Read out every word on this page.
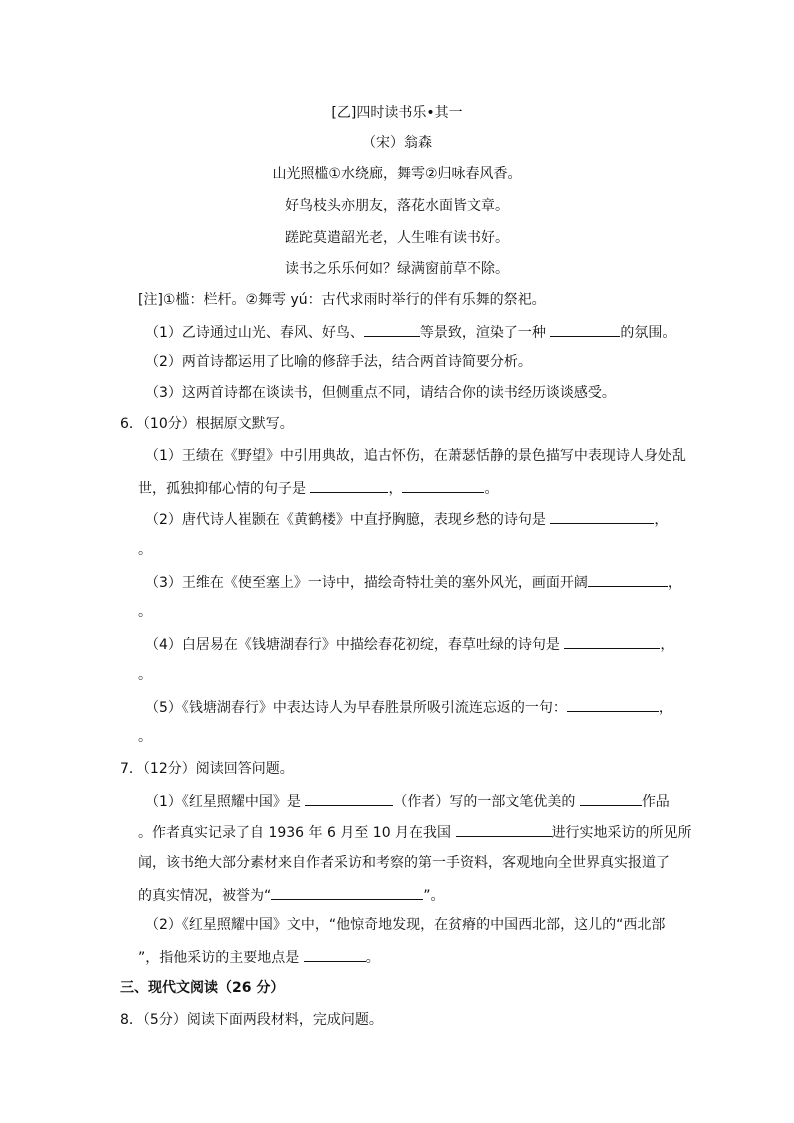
[乙]四时读书乐•其一
（宋）翁森
山光照槛①水绕廊，舞雩②归咏春风香。
好鸟枝头亦朋友，落花水面皆文章。
蹉跎莫遣韶光老，人生唯有读书好。
读书之乐乐何如？绿满窗前草不除。
[注]①槛：栏杆。②舞雩 yú：古代求雨时举行的伴有乐舞的祭祀。
（1）乙诗通过山光、春风、好鸟、	等景致，渲染了一种	的氛围。
（2）两首诗都运用了比喻的修辞手法，结合两首诗简要分析。
（3）这两首诗都在谈读书，但侧重点不同，请结合你的读书经历谈谈感受。
6．（10分）根据原文默写。
（1）王绩在《野望》中引用典故，追古怀伤，在萧瑟恬静的景色描写中表现诗人身处乱
世，孤独抑郁心情的句子是	，	。
（2）唐代诗人崔颢在《黄鹤楼》中直抒胸臆，表现乡愁的诗句是	，
。
（3）王维在《使至塞上》一诗中，描绘奇特壮美的塞外风光，画面开阔	，
。
（4）白居易在《钱塘湖春行》中描绘春花初绽，春草吐绿的诗句是	，
。
（5）《钱塘湖春行》中表达诗人为早春胜景所吸引流连忘返的一句：	，
。
7．（12分）阅读回答问题。
（1）《红星照耀中国》是	（作者）写的一部文笔优美的	作品
。作者真实记录了自 1936 年 6 月至 10 月在我国	进行实地采访的所见所
闻，该书绝大部分素材来自作者采访和考察的第一手资料，客观地向全世界真实报道了
的真实情况，被誉为“	”。
（2）《红星照耀中国》文中，“他惊奇地发现，在贫瘠的中国西北部，这儿的“西北部
”，指他采访的主要地点是	。
三、现代文阅读（26 分）
8．（5分）阅读下面两段材料，完成问题。
